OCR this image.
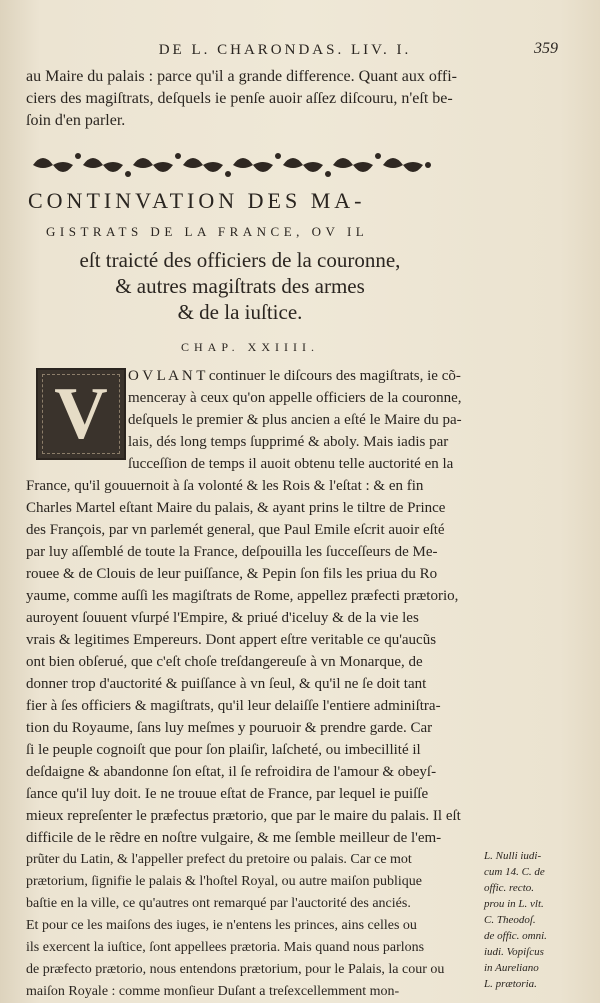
DE L. CHARONDAS. LIV. I.	359
au Maire du palais : parce qu'il a grande difference. Quant aux offi-
ciers des magiſtrats, deſquels ie penſe auoir aſſez diſcouru, n'eſt be-
ſoin d'en parler.
CONTINVATION DES MA-
GISTRATS DE LA FRANCE, OV IL
eſt traicté des officiers de la couronne,
& autres magiſtrats des armes
& de la iuſtice.
CHAP. XXIIII.
V O V L A N T continuer le diſcours des magiſtrats, ie cõ-
menceray à ceux qu'on appelle officiers de la couronne,
deſquels le premier & plus ancien a eſté le Maire du pa-
lais, dés long temps ſupprimé & aboly. Mais iadis par
ſucceſſion de temps il auoit obtenu telle auctorité en la
France, qu'il gouuernoit à ſa volonté & les Rois & l'eſtat : & en fin
Charles Martel eſtant Maire du palais, & ayant prins le tiltre de Prince
des François, par vn parlemét general, que Paul Emile eſcrit auoir eſté
par luy aſſemblé de toute la France, deſpouilla les ſucceſſeurs de Me-
rouee & de Clouis de leur puiſſance, & Pepin ſon fils les priua du Ro
yaume, comme auſſi les magiſtrats de Rome, appellez præfecti prætorio,
auroyent ſouuent vſurpé l'Empire, & priué d'iceluy & de la vie les
vrais & legitimes Empereurs. Dont appert eſtre veritable ce qu'aucũs
ont bien obſerué, que c'eſt choſe treſdangereuſe à vn Monarque, de
donner trop d'auctorité & puiſſance à vn ſeul, & qu'il ne ſe doit tant
fier à ſes officiers & magiſtrats, qu'il leur delaiſſe l'entiere adminiſtra-
tion du Royaume, ſans luy meſmes y pouruoir & prendre garde. Car
ſi le peuple cognoiſt que pour ſon plaiſir, laſcheté, ou imbecillité il
deſdaigne & abandonne ſon eſtat, il ſe refroidira de l'amour & obeyſ-
ſance qu'il luy doit. Ie ne trouue eſtat de France, par lequel ie puiſſe
mieux repreſenter le præfectus prætorio, que par le maire du palais. Il eſt
difficile de le rẽdre en noſtre vulgaire, & me ſemble meilleur de l'em-
prũter du Latin, & l'appeller prefect du pretoire ou palais. Car ce mot
prætorium, ſignifie le palais & l'hoſtel Royal, ou autre maiſon publique
baſtie en la ville, ce qu'autres ont remarqué par l'auctorité des anciés.
Et pour ce les maiſons des iuges, ie n'entens les princes, ains celles ou
ils exercent la iuſtice, ſont appellees prætoria. Mais quand nous parlons
de præfecto prætorio, nous entendons prætorium, pour le Palais, la cour ou
maiſon Royale : comme monſieur Duſant a treſexcellemment mon-
L. Nulli iudi-
cum 14. C. de
offic. recto.
prou in L. vlt.
C. Theodoſ.
de offic. omni.
iudi. Vopiſcus
in Aureliano
L. prætoria.
